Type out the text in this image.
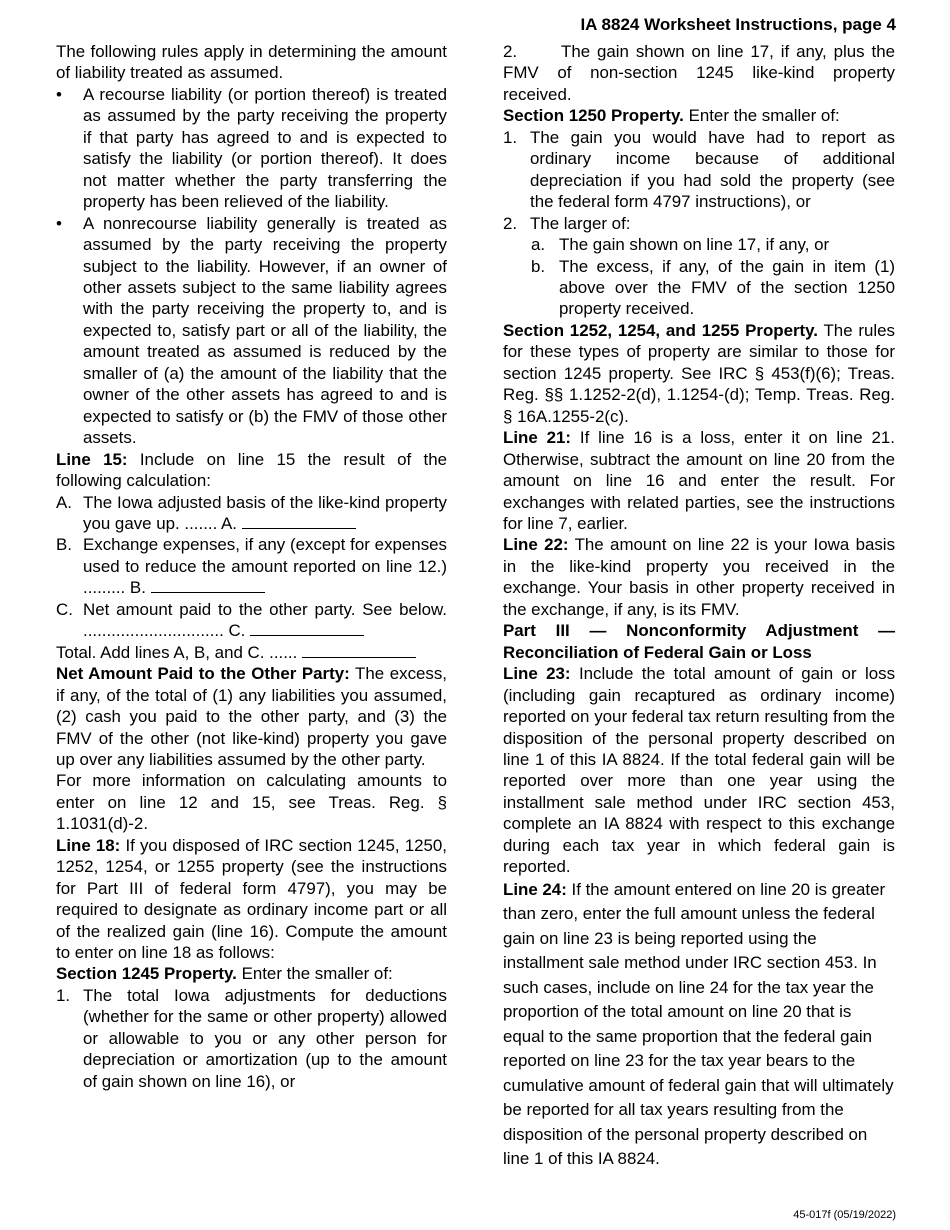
IA 8824 Worksheet Instructions, page 4

The following rules apply in determining the amount of liability treated as assumed.

• A recourse liability (or portion thereof) is treated as assumed by the party receiving the property if that party has agreed to and is expected to satisfy the liability (or portion thereof). It does not matter whether the party transferring the property has been relieved of the liability.

• A nonrecourse liability generally is treated as assumed by the party receiving the property subject to the liability. However, if an owner of other assets subject to the same liability agrees with the party receiving the property to, and is expected to, satisfy part or all of the liability, the amount treated as assumed is reduced by the smaller of (a) the amount of the liability that the owner of the other assets has agreed to and is expected to satisfy or (b) the FMV of those other assets.

Line 15: Include on line 15 the result of the following calculation:

A. The Iowa adjusted basis of the like-kind property you gave up. ....... A.

B. Exchange expenses, if any (except for expenses used to reduce the amount reported on line 12.) ......... B.

C. Net amount paid to the other party. See below. .............................. C.

Total. Add lines A, B, and C. ......

Net Amount Paid to the Other Party: The excess, if any, of the total of (1) any liabilities you assumed, (2) cash you paid to the other party, and (3) the FMV of the other (not like-kind) property you gave up over any liabilities assumed by the other party.

For more information on calculating amounts to enter on line 12 and 15, see Treas. Reg. § 1.1031(d)-2.

Line 18: If you disposed of IRC section 1245, 1250, 1252, 1254, or 1255 property (see the instructions for Part III of federal form 4797), you may be required to designate as ordinary income part or all of the realized gain (line 16). Compute the amount to enter on line 18 as follows:

Section 1245 Property. Enter the smaller of:

1. The total Iowa adjustments for deductions (whether for the same or other property) allowed or allowable to you or any other person for depreciation or amortization (up to the amount of gain shown on line 16), or

2.	The gain shown on line 17, if any, plus the FMV of non-section 1245 like-kind property received.

Section 1250 Property. Enter the smaller of:

1. The gain you would have had to report as ordinary income because of additional depreciation if you had sold the property (see the federal form 4797 instructions), or

2. The larger of:

a. The gain shown on line 17, if any, or

b. The excess, if any, of the gain in item (1) above over the FMV of the section 1250 property received.

Section 1252, 1254, and 1255 Property. The rules for these types of property are similar to those for section 1245 property. See IRC § 453(f)(6); Treas. Reg. §§ 1.1252-2(d), 1.1254-(d); Temp. Treas. Reg. § 16A.1255-2(c).

Line 21: If line 16 is a loss, enter it on line 21. Otherwise, subtract the amount on line 20 from the amount on line 16 and enter the result. For exchanges with related parties, see the instructions for line 7, earlier.

Line 22: The amount on line 22 is your Iowa basis in the like-kind property you received in the exchange. Your basis in other property received in the exchange, if any, is its FMV.

Part III — Nonconformity Adjustment — Reconciliation of Federal Gain or Loss

Line 23: Include the total amount of gain or loss (including gain recaptured as ordinary income) reported on your federal tax return resulting from the disposition of the personal property described on line 1 of this IA 8824. If the total federal gain will be reported over more than one year using the installment sale method under IRC section 453, complete an IA 8824 with respect to this exchange during each tax year in which federal gain is reported.

Line 24: If the amount entered on line 20 is greater than zero, enter the full amount unless the federal gain on line 23 is being reported using the installment sale method under IRC section 453. In such cases, include on line 24 for the tax year the proportion of the total amount on line 20 that is equal to the same proportion that the federal gain reported on line 23 for the tax year bears to the cumulative amount of federal gain that will ultimately be reported for all tax years resulting from the disposition of the personal property described on line 1 of this IA 8824.

45-017f (05/19/2022)
